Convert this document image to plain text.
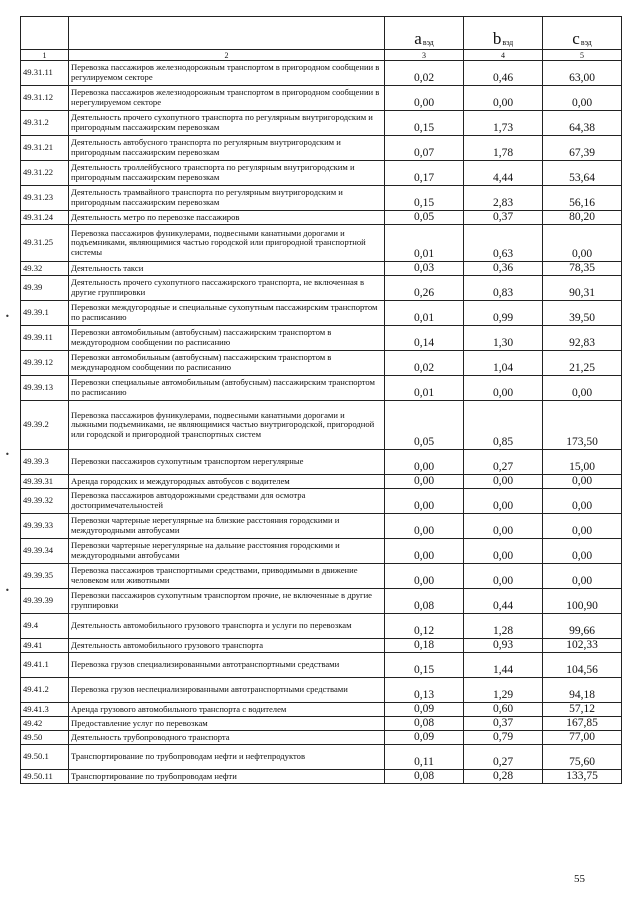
		$a_{вэд}$	$b_{вэд}$	$c_{вэд}$
1	2	3	4	5
49.31.11	Перевозка пассажиров железнодорожным транспортом в пригородном сообщении в регулируемом секторе	0,02	0,46	63,00
49.31.12	Перевозка пассажиров железнодорожным транспортом в пригородном сообщении в нерегулируемом секторе	0,00	0,00	0,00
49.31.2	Деятельность прочего сухопутного транспорта по регулярным внутригородским и пригородным пассажирским перевозкам	0,15	1,73	64,38
49.31.21	Деятельность автобусного транспорта по регулярным внутригородским и пригородным пассажирским перевозкам	0,07	1,78	67,39
49.31.22	Деятельность троллейбусного транспорта по регулярным внутригородским и пригородным пассажирским перевозкам	0,17	4,44	53,64
49.31.23	Деятельность трамвайного транспорта по регулярным внутригородским и пригородным пассажирским перевозкам	0,15	2,83	56,16
49.31.24	Деятельность метро по перевозке пассажиров	0,05	0,37	80,20
49.31.25	Перевозка пассажиров фуникулерами, подвесными канатными дорогами и подъемниками, являющимися частью городской или пригородной транспортной системы	0,01	0,63	0,00
49.32	Деятельность такси	0,03	0,36	78,35
49.39	Деятельность прочего сухопутного пассажирского транспорта, не включенная в другие группировки	0,26	0,83	90,31
49.39.1	Перевозки междугородные и специальные сухопутным пассажирским транспортом по расписанию	0,01	0,99	39,50
49.39.11	Перевозки автомобильным (автобусным) пассажирским транспортом в междугородном сообщении по расписанию	0,14	1,30	92,83
49.39.12	Перевозки автомобильным (автобусным) пассажирским транспортом в международном сообщении по расписанию	0,02	1,04	21,25
49.39.13	Перевозки специальные автомобильным (автобусным) пассажирским транспортом по расписанию	0,01	0,00	0,00
49.39.2	Перевозка пассажиров фуникулерами, подвесными канатными дорогами и лыжными подъемниками, не являющимися частью внутригородской, пригородной или городской и пригородной транспортных систем	0,05	0,85	173,50
49.39.3	Перевозки пассажиров сухопутным транспортом нерегулярные	0,00	0,27	15,00
49.39.31	Аренда городских и междугородных автобусов с водителем	0,00	0,00	0,00
49.39.32	Перевозка пассажиров автодорожными средствами для осмотра достопримечательностей	0,00	0,00	0,00
49.39.33	Перевозки чартерные нерегулярные на близкие расстояния городскими и междугородными автобусами	0,00	0,00	0,00
49.39.34	Перевозки чартерные нерегулярные на дальние расстояния городскими и междугородными автобусами	0,00	0,00	0,00
49.39.35	Перевозка пассажиров транспортными средствами, приводимыми в движение человеком или животными	0,00	0,00	0,00
49.39.39	Перевозки пассажиров сухопутным транспортом прочие, не включенные в другие группировки	0,08	0,44	100,90
49.4	Деятельность автомобильного грузового транспорта и услуги по перевозкам	0,12	1,28	99,66
49.41	Деятельность автомобильного грузового транспорта	0,18	0,93	102,33
49.41.1	Перевозка грузов специализированными автотранспортными средствами	0,15	1,44	104,56
49.41.2	Перевозка грузов неспециализированными автотранспортными средствами	0,13	1,29	94,18
49.41.3	Аренда грузового автомобильного транспорта с водителем	0,09	0,60	57,12
49.42	Предоставление услуг по перевозкам	0,08	0,37	167,85
49.50	Деятельность трубопроводного транспорта	0,09	0,79	77,00
49.50.1	Транспортирование по трубопроводам нефти и нефтепродуктов	0,11	0,27	75,60
49.50.11	Транспортирование по трубопроводам нефти	0,08	0,28	133,75
•
•
•
55
